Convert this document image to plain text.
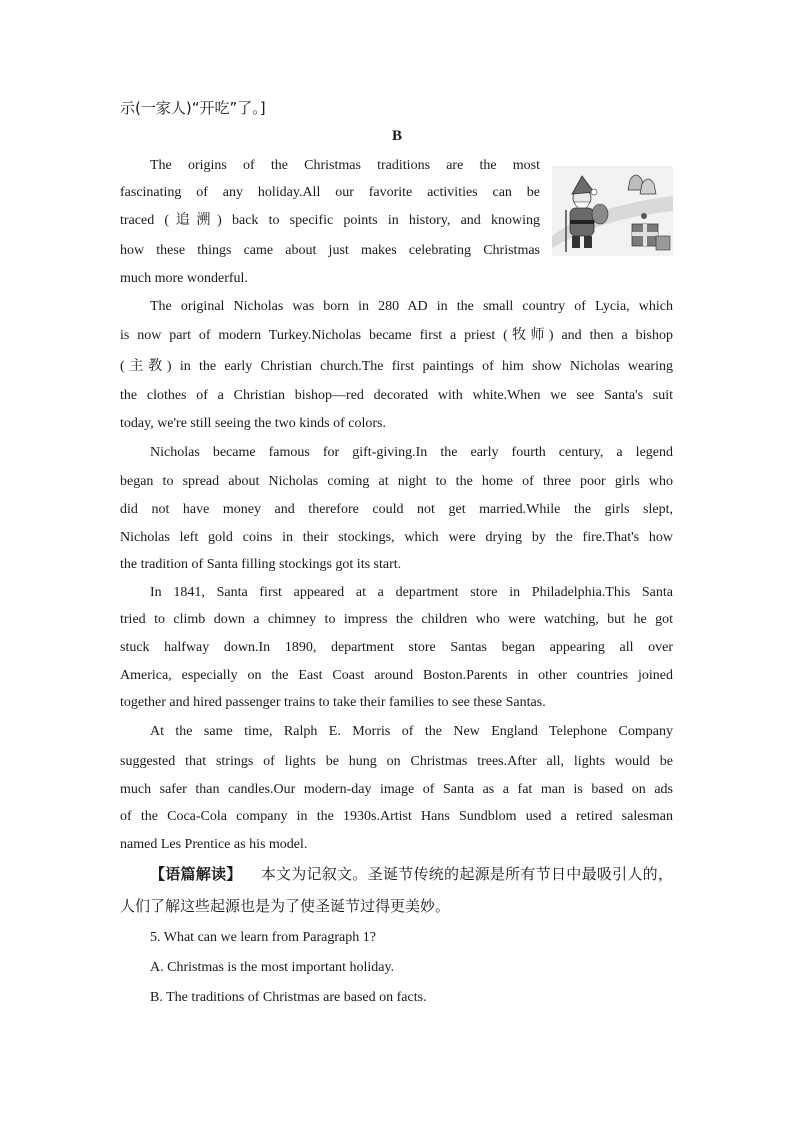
示(一家人)“开吃”了。]
B
The origins of the Christmas traditions are the most
fascinating of any holiday.All our favorite activities can be
traced (追溯) back to specific points in history, and knowing
how these things came about just makes celebrating Christmas
much more wonderful.
The original Nicholas was born in 280 AD in the small country of Lycia, which
is now part of modern Turkey.Nicholas became first a priest (牧师) and then a bishop
(主教) in the early Christian church.The first paintings of him show Nicholas wearing
the clothes of a Christian bishop—red decorated with white.When we see Santa's suit
today, we're still seeing the two kinds of colors.
Nicholas became famous for gift-giving.In the early fourth century, a legend
began to spread about Nicholas coming at night to the home of three poor girls who
did not have money and therefore could not get married.While the girls slept,
Nicholas left gold coins in their stockings, which were drying by the fire.That's how
the tradition of Santa filling stockings got its start.
In 1841, Santa first appeared at a department store in Philadelphia.This Santa
tried to climb down a chimney to impress the children who were watching, but he got
stuck halfway down.In 1890, department store Santas began appearing all over
America, especially on the East Coast around Boston.Parents in other countries joined
together and hired passenger trains to take their families to see these Santas.
At the same time, Ralph E. Morris of the New England Telephone Company
suggested that strings of lights be hung on Christmas trees.After all, lights would be
much safer than candles.Our modern-day image of Santa as a fat man is based on ads
of the Coca-Cola company in the 1930s.Artist Hans Sundblom used a retired salesman
named Les Prentice as his model.
【语篇解读】 本文为记叙文。圣诞节传统的起源是所有节日中最吸引人的，
人们了解这些起源也是为了使圣诞节过得更美妙。
5. What can we learn from Paragraph 1?
A. Christmas is the most important holiday.
B. The traditions of Christmas are based on facts.
